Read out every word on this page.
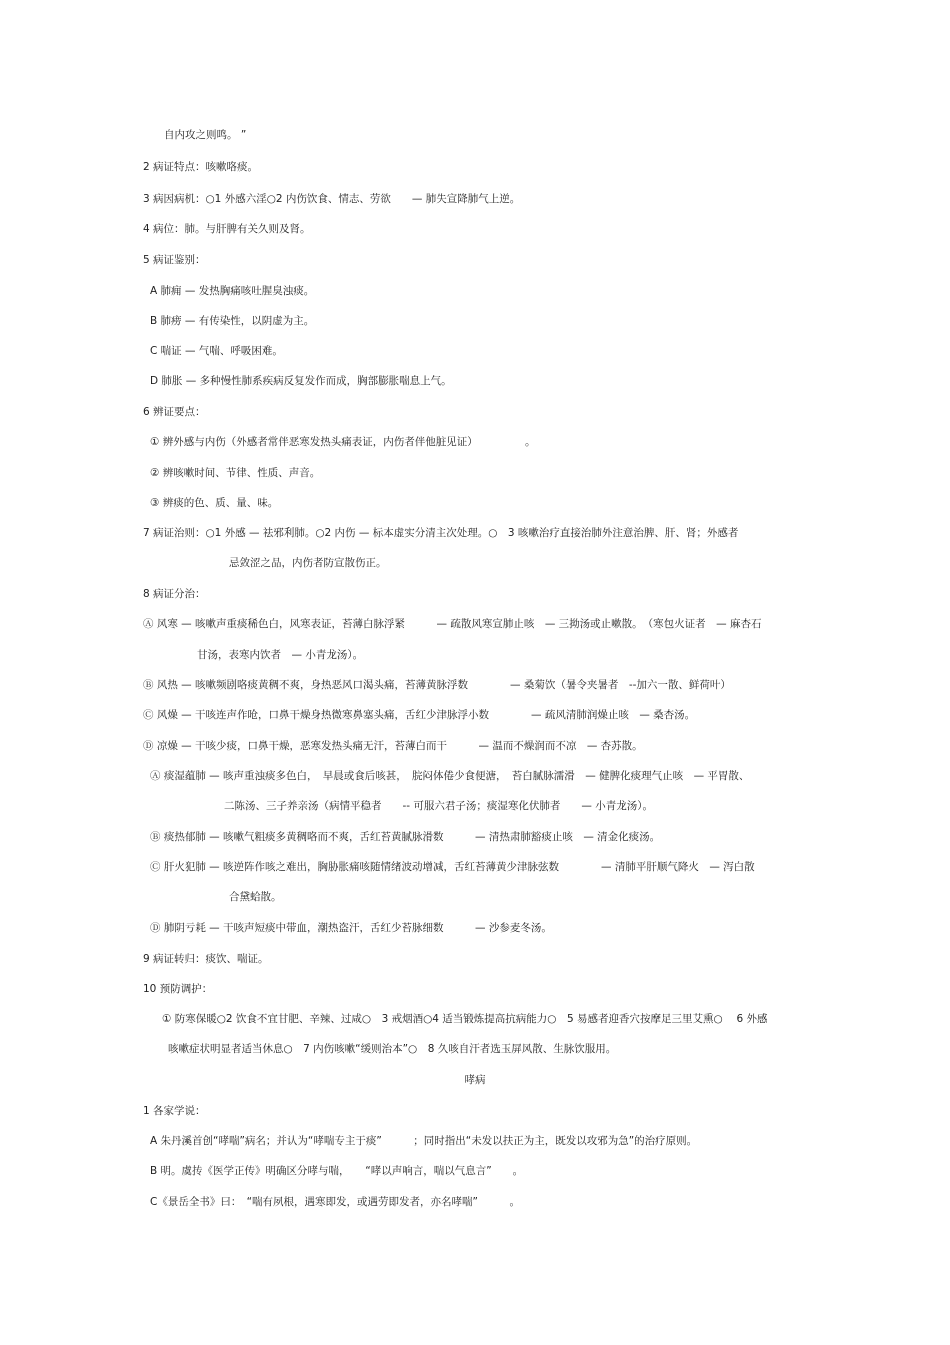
自内攻之则鸣。 ”
2 病证特点：咳嗽咯痰。
3 病因病机：○1 外感六淫○2 内伤饮食、情志、劳欲　　— 肺失宣降肺气上逆。
4 病位：肺。与肝脾有关久则及肾。
5 病证鉴别：
A 肺痈 — 发热胸痛咳吐腥臭浊痰。
B 肺痨 — 有传染性，以阴虚为主。
C 喘证 — 气喘、呼吸困难。
D 肺胀 — 多种慢性肺系疾病反复发作而成，胸部膨胀喘息上气。
6 辨证要点：
① 辨外感与内伤（外感者常伴恶寒发热头痛表证，内伤者伴他脏见证）　　　　　。
② 辨咳嗽时间、节律、性质、声音。
③ 辨痰的色、质、量、味。
7 病证治则：○1 外感 — 祛邪利肺。○2 内伤 — 标本虚实分清主次处理。○　3 咳嗽治疗直接治肺外注意治脾、肝、肾；外感者
忌敛涩之品，内伤者防宣散伤正。
8 病证分治：
Ⓐ 风寒 — 咳嗽声重痰稀色白，风寒表证，苔薄白脉浮紧　　　— 疏散风寒宣肺止咳　— 三拗汤或止嗽散。　（寒包火证者　— 麻杏石
甘汤，表寒内饮者　— 小青龙汤）。
Ⓑ 风热 — 咳嗽频剧咯痰黄稠不爽，身热恶风口渴头痛，苔薄黄脉浮数　　　　— 桑菊饮（暑令夹暑者　--加六一散、鲜荷叶）
Ⓒ 风燥 — 干咳连声作呛，口鼻干燥身热微寒鼻塞头痛，舌红少津脉浮小数　　　　— 疏风清肺润燥止咳　— 桑杏汤。
Ⓓ 凉燥 — 干咳少痰，口鼻干燥，恶寒发热头痛无汗，苔薄白而干　　　— 温而不燥润而不凉　— 杏苏散。
Ⓐ 痰湿蕴肺 — 咳声重浊痰多色白，　早晨或食后咳甚，　脘闷体倦少食便溏，　苔白腻脉濡滑　— 健脾化痰理气止咳　— 平胃散、
二陈汤、三子养亲汤（病情平稳者　　-- 可服六君子汤；痰湿寒化伏肺者　　— 小青龙汤）。
Ⓑ 痰热郁肺 — 咳嗽气粗痰多黄稠咯而不爽，舌红苔黄腻脉滑数　　　— 清热肃肺豁痰止咳　— 清金化痰汤。
Ⓒ 肝火犯肺 — 咳逆阵作咳之难出，胸胁胀痛咳随情绪波动增减，舌红苔薄黄少津脉弦数　　　　— 清肺平肝顺气降火　— 泻白散
合黛蛤散。
Ⓓ 肺阴亏耗 — 干咳声短痰中带血，潮热盗汗，舌红少苔脉细数　　　— 沙参麦冬汤。
9 病证转归：痰饮、喘证。
10 预防调护：
① 防寒保暖○2 饮食不宜甘肥、辛辣、过咸○　3 戒烟酒○4 适当锻炼提高抗病能力○　5 易感者迎香穴按摩足三里艾熏○　 6 外感
咳嗽症状明显者适当休息○　7 内伤咳嗽“缓则治本”○　8 久咳自汗者选玉屏风散、生脉饮服用。
哮病
1 各家学说：
A 朱丹溪首创“哮喘”病名；并认为“哮喘专主于痰”　　　；同时指出“未发以扶正为主，既发以攻邪为急”的治疗原则。
B 明。虞抟《医学正传》明确区分哮与喘，　　“哮以声响言，喘以气息言”　　。
C《景岳全书》曰：　“喘有夙根，遇寒即发，或遇劳即发者，亦名哮喘”　　　。
